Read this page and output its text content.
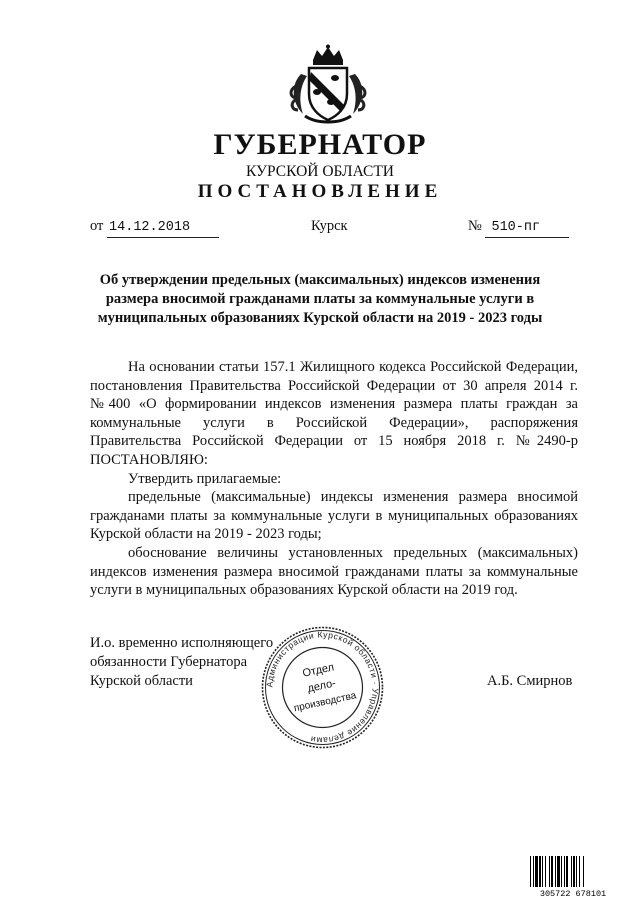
ГУБЕРНАТОР
КУРСКОЙ ОБЛАСТИ
ПОСТАНОВЛЕНИЕ
от 14.12.2018	Курск	№ 510-пг
Об утверждении предельных (максимальных) индексов изменения
размера вносимой гражданами платы за коммунальные услуги в
муниципальных образованиях Курской области на 2019 - 2023 годы

На основании статьи 157.1 Жилищного кодекса Российской Федерации, постановления Правительства Российской Федерации от 30 апреля 2014 г. №400 «О формировании индексов изменения размера платы граждан за коммунальные услуги в Российской Федерации», распоряжения Правительства Российской Федерации от 15 ноября 2018 г. №2490-р ПОСТАНОВЛЯЮ:

Утвердить прилагаемые:

предельные (максимальные) индексы изменения размера вносимой гражданами платы за коммунальные услуги в муниципальных образованиях Курской области на 2019 - 2023 годы;

обоснование величины установленных предельных (максимальных) индексов изменения размера вносимой гражданами платы за коммунальные услуги в муниципальных образованиях Курской области на 2019 год.

И.о. временно исполняющего
обязанности Губернатора
Курской области	А.Б. Смирнов
Администрации Курской области · Управление делами
Отдел
дело-
производства
305722 678101
